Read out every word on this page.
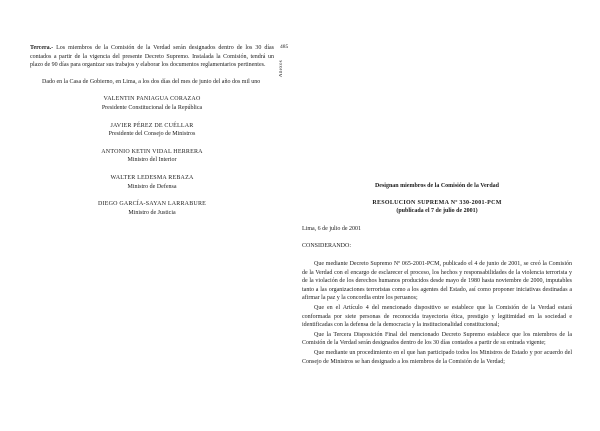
Tercera.- Los miembros de la Comisión de la Verdad serán designados dentro de los 30 días contados a partir de la vigencia del presente Decreto Supremo. Instalada la Comisión, tendrá un plazo de 90 días para organizar sus trabajos y elaborar los documentos reglamentarios pertinentes.

Dado en la Casa de Gobierno, en Lima, a los dos días del mes de junio del año dos mil uno

VALENTIN PANIAGUA CORAZAO
Presidente Constitucional de la República
JAVIER PÉREZ DE CUÉLLAR
Presidente del Consejo de Ministros
ANTONIO KETIN VIDAL HERRERA
Ministro del Interior
WALTER LEDESMA REBAZA
Ministro de Defensa
DIEGO GARCÍA-SAYAN LARRABURE
Ministro de Justicia
485
Anexos

Designan miembros de la Comisión de la Verdad

RESOLUCION SUPREMA Nº 330-2001-PCM

(publicada el 7 de julio de 2001)

Lima, 6 de julio de 2001

CONSIDERANDO:

Que mediante Decreto Supremo Nº 065-2001-PCM, publicado el 4 de junio de 2001, se creó la Comisión de la Verdad con el encargo de esclarecer el proceso, los hechos y responsabilidades de la violencia terrorista y de la violación de los derechos humanos producidos desde mayo de 1980 hasta noviembre de 2000, imputables tanto a las organizaciones terroristas como a los agentes del Estado, así como proponer iniciativas destinadas a afirmar la paz y la concordia entre los peruanos;

Que en el Artículo 4 del mencionado dispositivo se establece que la Comisión de la Verdad estará conformada por siete personas de reconocida trayectoria ética, prestigio y legitimidad en la sociedad e identificadas con la defensa de la democracia y la institucionalidad constitucional;

Que la Tercera Disposición Final del mencionado Decreto Supremo establece que los miembros de la Comisión de la Verdad serán designados dentro de los 30 días contados a partir de su entrada vigente;

Que mediante un procedimiento en el que han participado todos los Ministros de Estado y por acuerdo del Consejo de Ministros se han designado a los miembros de la Comisión de la Verdad;
